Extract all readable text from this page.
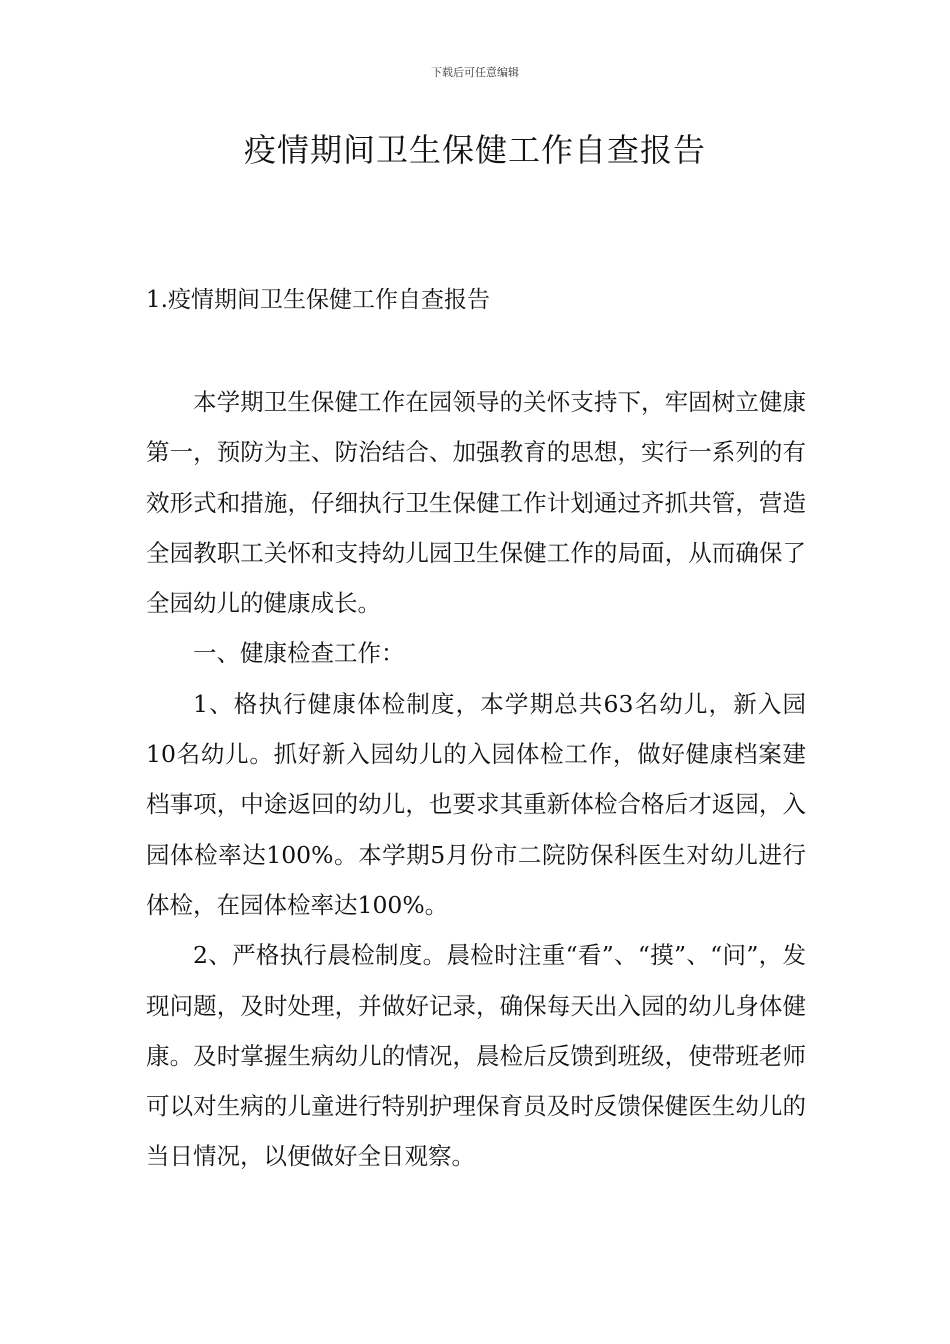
下载后可任意编辑
疫情期间卫生保健工作自查报告
1.疫情期间卫生保健工作自查报告

本学期卫生保健工作在园领导的关怀支持下，牢固树立健康第一，预防为主、防治结合、加强教育的思想，实行一系列的有效形式和措施，仔细执行卫生保健工作计划通过齐抓共管，营造全园教职工关怀和支持幼儿园卫生保健工作的局面，从而确保了全园幼儿的健康成长。

一、健康检查工作：

1、格执行健康体检制度，本学期总共63名幼儿，新入园10名幼儿。抓好新入园幼儿的入园体检工作，做好健康档案建档事项，中途返回的幼儿，也要求其重新体检合格后才返园，入园体检率达100%。本学期5月份市二院防保科医生对幼儿进行体检，在园体检率达100%。

2、严格执行晨检制度。晨检时注重“看”、“摸”、“问”，发现问题，及时处理，并做好记录，确保每天出入园的幼儿身体健康。及时掌握生病幼儿的情况，晨检后反馈到班级，使带班老师可以对生病的儿童进行特别护理保育员及时反馈保健医生幼儿的当日情况，以便做好全日观察。
